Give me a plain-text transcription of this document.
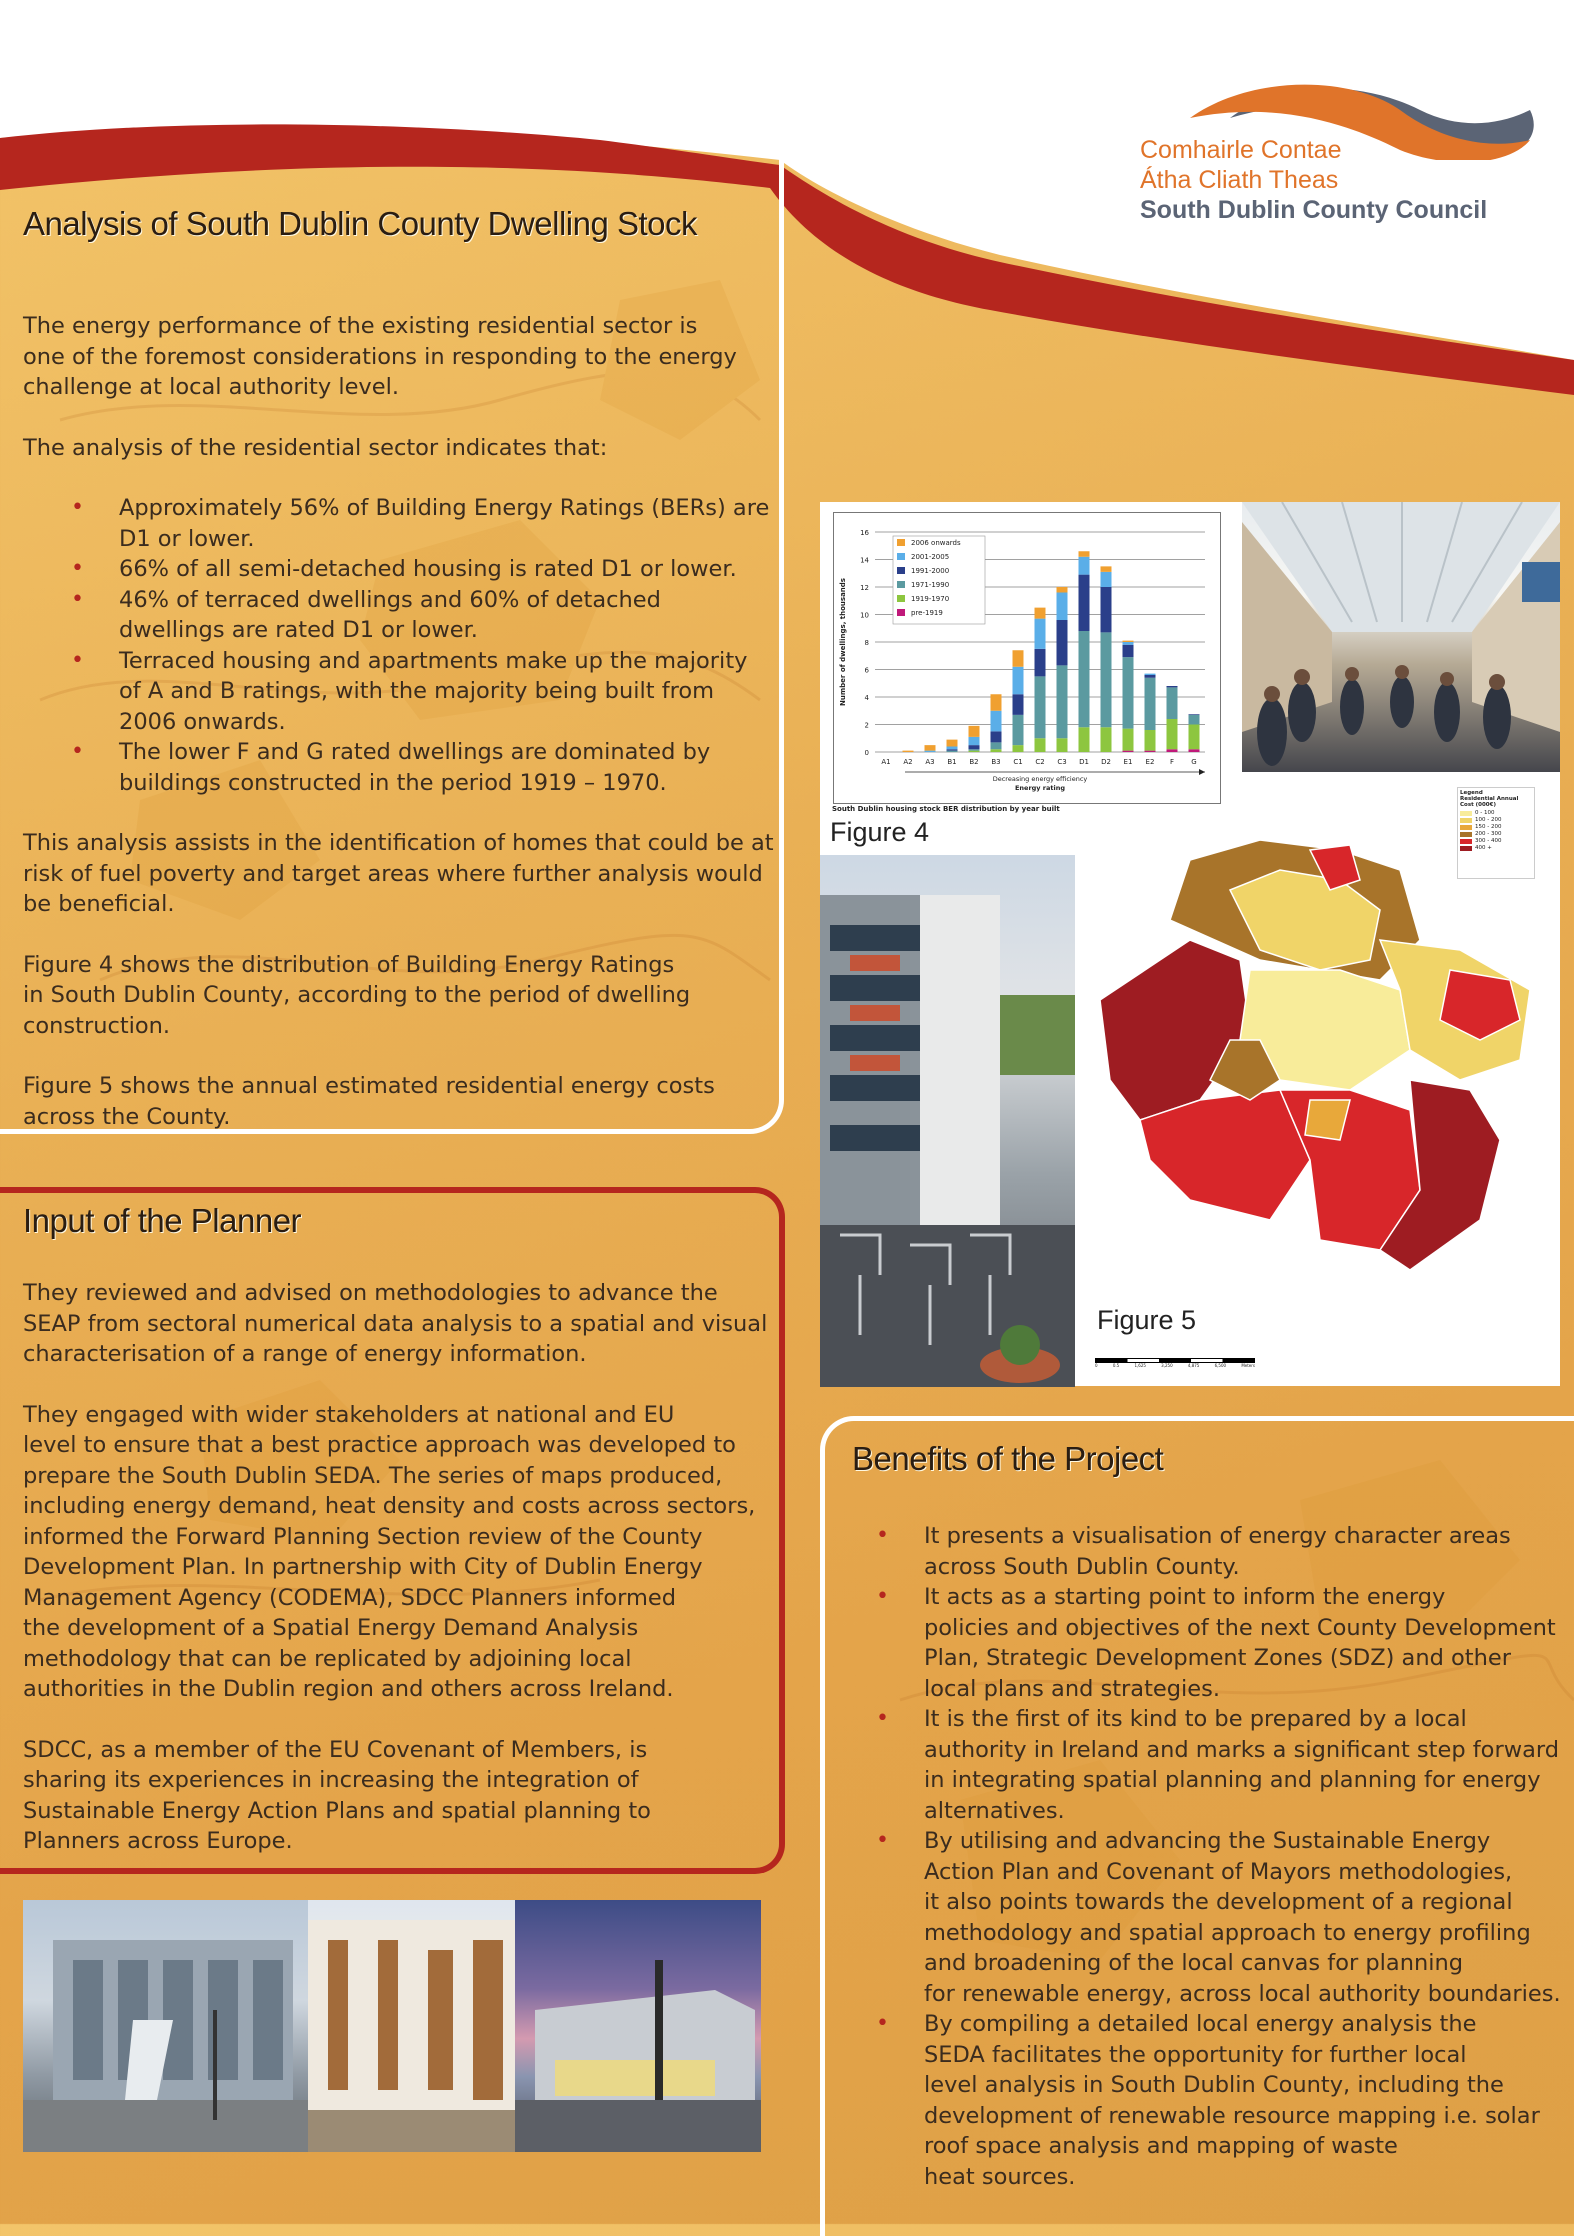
Comhairle Contae
Átha Cliath Theas
South Dublin County Council
Analysis of South Dublin County Dwelling Stock

The energy performance of the existing residential sector is

one of the foremost considerations in responding to the energy

challenge at local authority level.

The analysis of the residential sector indicates that:

• Approximately 56% of Building Energy Ratings (BERs) are
D1 or lower.
• 66% of all semi-detached housing is rated D1 or lower.
• 46% of terraced dwellings and 60% of detached
dwellings are rated D1 or lower.
• Terraced housing and apartments make up the majority
of A and B ratings, with the majority being built from
2006 onwards.
• The lower F and G rated dwellings are dominated by
buildings constructed in the period 1919 – 1970.

This analysis assists in the identification of homes that could be at

risk of fuel poverty and target areas where further analysis would

be beneficial.

Figure 4 shows the distribution of Building Energy Ratings

in South Dublin County, according to the period of dwelling

construction.

Figure 5 shows the annual estimated residential energy costs

across the County.

Input of the Planner

They reviewed and advised on methodologies to advance the

SEAP from sectoral numerical data analysis to a spatial and visual

characterisation of a range of energy information.

They engaged with wider stakeholders at national and EU

level to ensure that a best practice approach was developed to

prepare the South Dublin SEDA. The series of maps produced,

including energy demand, heat density and costs across sectors,

informed the Forward Planning Section review of the County

Development Plan. In partnership with City of Dublin Energy

Management Agency (CODEMA), SDCC Planners informed

the development of a Spatial Energy Demand Analysis

methodology that can be replicated by adjoining local

authorities in the Dublin region and others across Ireland.

SDCC, as a member of the EU Covenant of Members, is

sharing its experiences in increasing the integration of

Sustainable Energy Action Plans and spatial planning to

Planners across Europe.

0
2
4
6
8
10
12
14
16
A1 A2 A3 B1 B2 B3 C1 C2 C3 D1 D2 E1 E2 F G
Decreasing energy efficiency
Energy rating
Number of dwellings, thousands
2006 onwards
2001-2005
1991-2000
1971-1990
1919-1970
pre-1919
South Dublin housing stock BER distribution by year built
Figure 4
Legend
Residential Annual Cost (000€)
0 - 100
100 - 200
150 - 200
200 - 300
300 - 400
400 +
Figure 5
0	0.5	1,625	3,250	4,875	6,500	Meters
Benefits of the Project
• It presents a visualisation of energy character areas
across South Dublin County.
• It acts as a starting point to inform the energy
policies and objectives of the next County Development
Plan, Strategic Development Zones (SDZ) and other
local plans and strategies.
• It is the first of its kind to be prepared by a local
authority in Ireland and marks a significant step forward
in integrating spatial planning and planning for energy
alternatives.
• By utilising and advancing the Sustainable Energy
Action Plan and Covenant of Mayors methodologies,
it also points towards the development of a regional
methodology and spatial approach to energy profiling
and broadening of the local canvas for planning
for renewable energy, across local authority boundaries.
• By compiling a detailed local energy analysis the
SEDA facilitates the opportunity for further local
level analysis in South Dublin County, including the
development of renewable resource mapping i.e. solar
roof space analysis and mapping of waste
heat sources.
